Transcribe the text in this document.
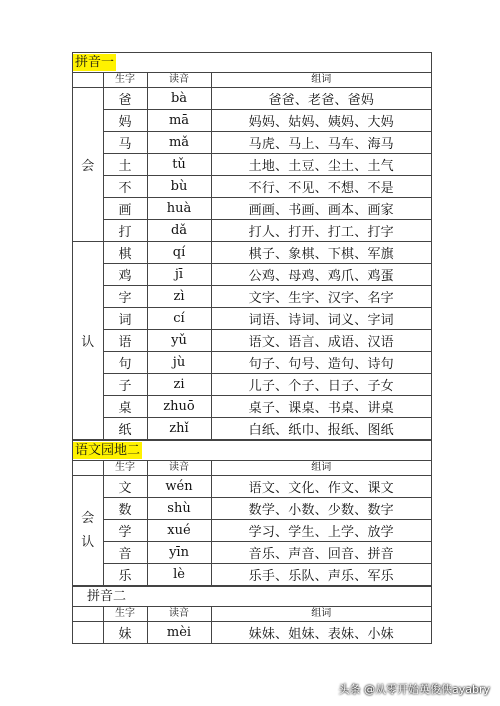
拼音一
	生字	读音	组词
会	爸	bà	爸爸、老爸、爸妈
	妈	mā	妈妈、姑妈、姨妈、大妈
	马	mǎ	马虎、马上、马车、海马
	土	tǔ	土地、土豆、尘土、土气
	不	bù	不行、不见、不想、不是
	画	huà	画画、书画、画本、画家
	打	dǎ	打人、打开、打工、打字
认	棋	qí	棋子、象棋、下棋、军旗
	鸡	jī	公鸡、母鸡、鸡爪、鸡蛋
	字	zì	文字、生字、汉字、名字
	词	cí	词语、诗词、词义、字词
	语	yǔ	语文、语言、成语、汉语
	句	jù	句子、句号、造句、诗句
	子	zi	儿子、个子、日子、子女
	桌	zhuō	桌子、课桌、书桌、讲桌
	纸	zhǐ	白纸、纸巾、报纸、图纸
语文园地二
	生字	读音	组词
会
认	文	wén	语文、文化、作文、课文
	数	shù	数学、小数、少数、数字
	学	xué	学习、学生、上学、放学
	音	yīn	音乐、声音、回音、拼音
	乐	lè	乐手、乐队、声乐、军乐
拼音二
	生字	读音	组词
	妹	mèi	妹妹、姐妹、表妹、小妹
头条 @从零开始英俊侠ayabry
